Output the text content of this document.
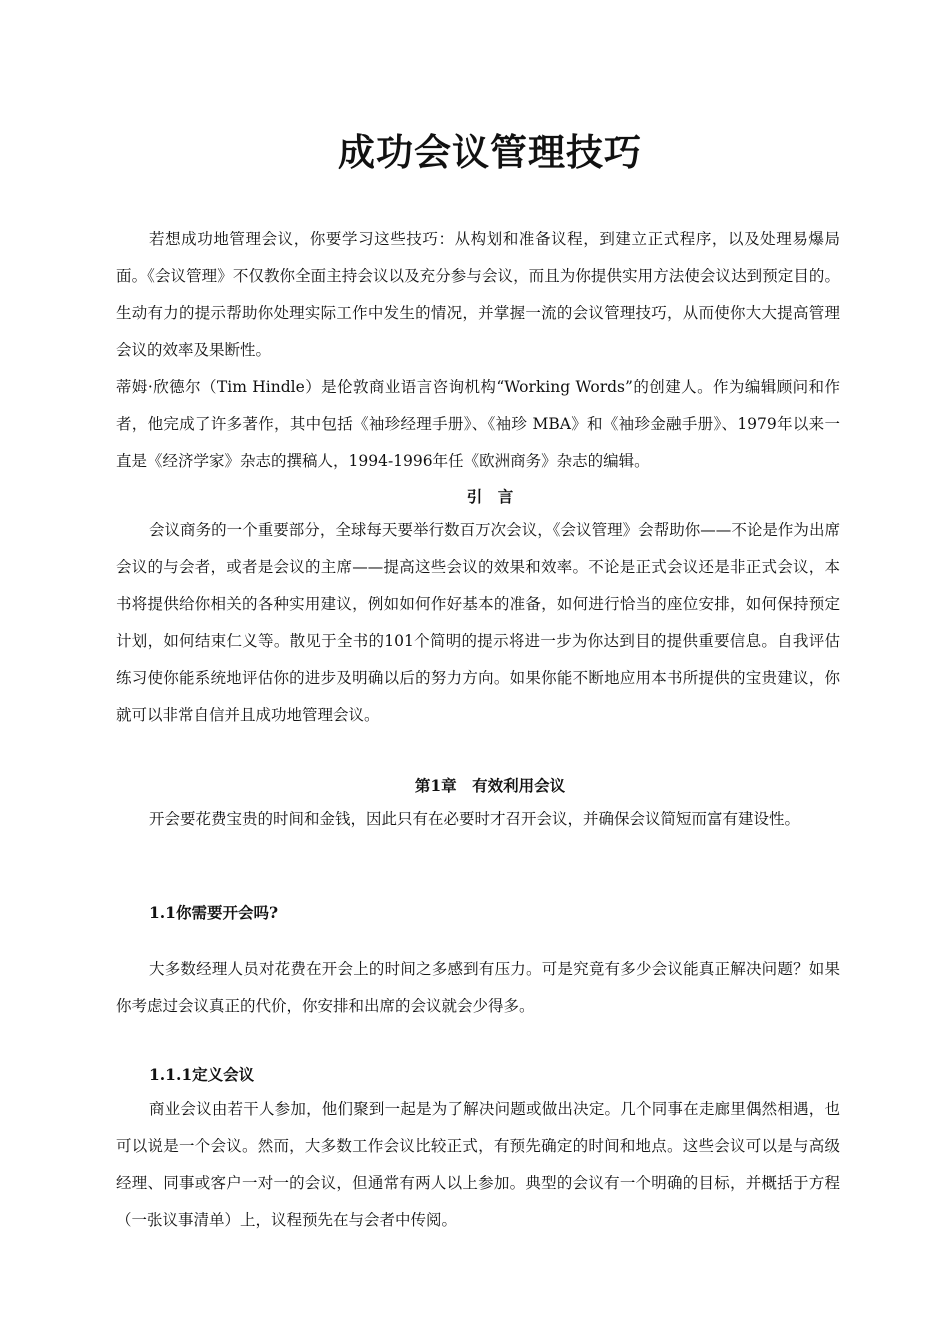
成功会议管理技巧

若想成功地管理会议，你要学习这些技巧：从构划和准备议程，到建立正式程序，以及处理易爆局面。《会议管理》不仅教你全面主持会议以及充分参与会议，而且为你提供实用方法使会议达到预定目的。生动有力的提示帮助你处理实际工作中发生的情况，并掌握一流的会议管理技巧，从而使你大大提高管理会议的效率及果断性。

蒂姆·欣德尔（Tim Hindle）是伦敦商业语言咨询机构“Working Words”的创建人。作为编辑顾问和作者，他完成了许多著作，其中包括《袖珍经理手册》、《袖珍 MBA》和《袖珍金融手册》、1979年以来一直是《经济学家》杂志的撰稿人，1994-1996年任《欧洲商务》杂志的编辑。

引　言

会议商务的一个重要部分，全球每天要举行数百万次会议，《会议管理》会帮助你——不论是作为出席会议的与会者，或者是会议的主席——提高这些会议的效果和效率。不论是正式会议还是非正式会议，本书将提供给你相关的各种实用建议，例如如何作好基本的准备，如何进行恰当的座位安排，如何保持预定计划，如何结束仁义等。散见于全书的101个简明的提示将进一步为你达到目的提供重要信息。自我评估练习使你能系统地评估你的进步及明确以后的努力方向。如果你能不断地应用本书所提供的宝贵建议，你就可以非常自信并且成功地管理会议。

第1章　有效利用会议

开会要花费宝贵的时间和金钱，因此只有在必要时才召开会议，并确保会议简短而富有建设性。

1.1你需要开会吗?

大多数经理人员对花费在开会上的时间之多感到有压力。可是究竟有多少会议能真正解决问题？如果你考虑过会议真正的代价，你安排和出席的会议就会少得多。

1.1.1定义会议

商业会议由若干人参加，他们聚到一起是为了解决问题或做出决定。几个同事在走廊里偶然相遇，也可以说是一个会议。然而，大多数工作会议比较正式，有预先确定的时间和地点。这些会议可以是与高级经理、同事或客户一对一的会议，但通常有两人以上参加。典型的会议有一个明确的目标，并概括于方程（一张议事清单）上，议程预先在与会者中传阅。
